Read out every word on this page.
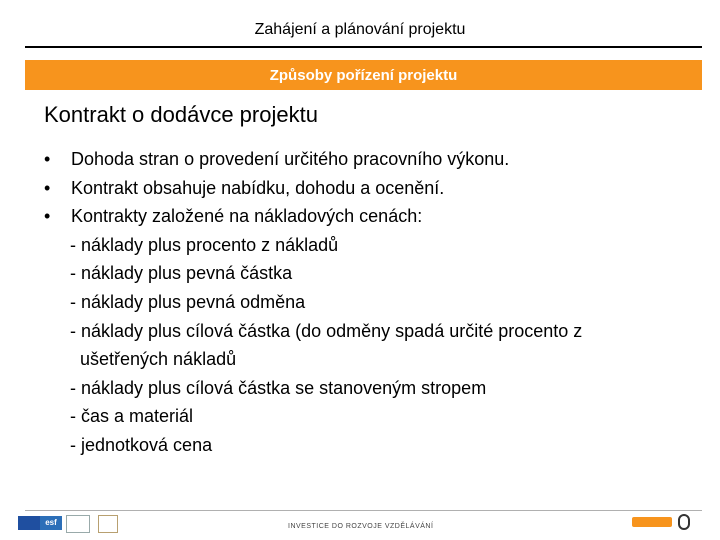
Zahájení a plánování projektu
Způsoby pořízení projektu
Kontrakt o dodávce projektu
• Dohoda stran o provedení určitého pracovního výkonu.
• Kontrakt obsahuje nabídku, dohodu a ocenění.
• Kontrakty založené na nákladových cenách:
- náklady plus procento z nákladů
- náklady plus pevná částka
- náklady plus pevná odměna
- náklady plus cílová částka (do odměny spadá určité procento z
ušetřených nákladů
- náklady plus cílová částka se stanoveným stropem
- čas a materiál
- jednotková cena
esf	INVESTICE DO ROZVOJE VZDĚLÁVÁNÍ
